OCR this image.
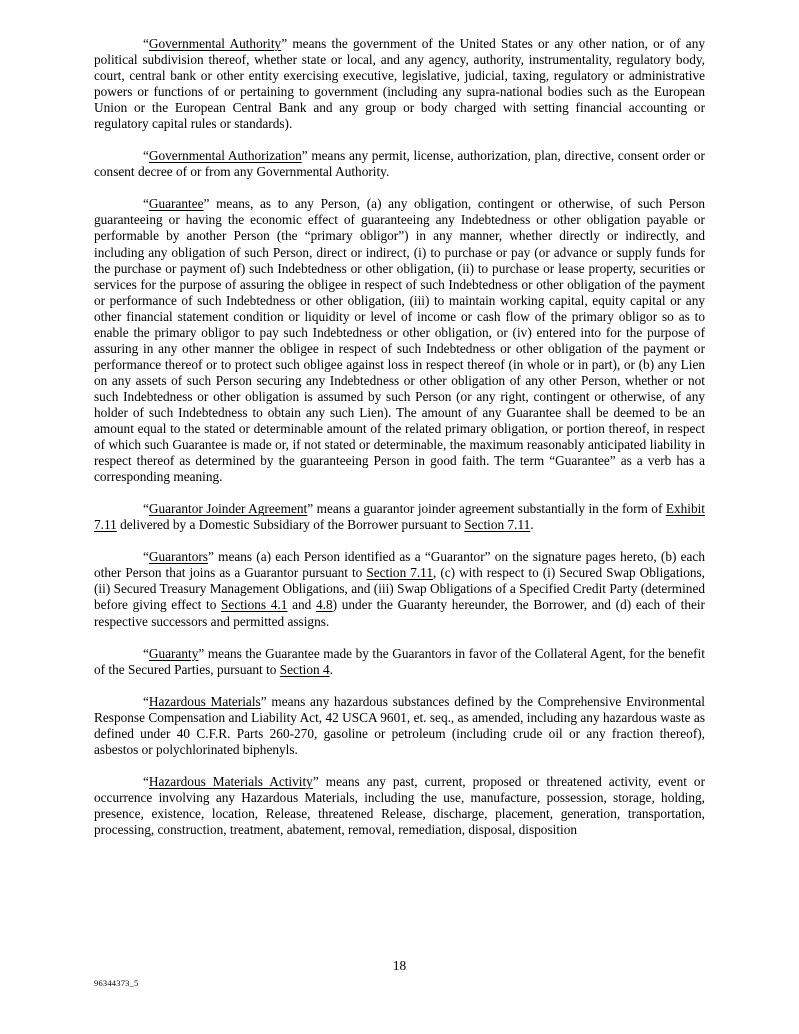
“Governmental Authority” means the government of the United States or any other nation, or of any political subdivision thereof, whether state or local, and any agency, authority, instrumentality, regulatory body, court, central bank or other entity exercising executive, legislative, judicial, taxing, regulatory or administrative powers or functions of or pertaining to government (including any supra-national bodies such as the European Union or the European Central Bank and any group or body charged with setting financial accounting or regulatory capital rules or standards).

“Governmental Authorization” means any permit, license, authorization, plan, directive, consent order or consent decree of or from any Governmental Authority.

“Guarantee” means, as to any Person, (a) any obligation, contingent or otherwise, of such Person guaranteeing or having the economic effect of guaranteeing any Indebtedness or other obligation payable or performable by another Person (the “primary obligor”) in any manner, whether directly or indirectly, and including any obligation of such Person, direct or indirect, (i) to purchase or pay (or advance or supply funds for the purchase or payment of) such Indebtedness or other obligation, (ii) to purchase or lease property, securities or services for the purpose of assuring the obligee in respect of such Indebtedness or other obligation of the payment or performance of such Indebtedness or other obligation, (iii) to maintain working capital, equity capital or any other financial statement condition or liquidity or level of income or cash flow of the primary obligor so as to enable the primary obligor to pay such Indebtedness or other obligation, or (iv) entered into for the purpose of assuring in any other manner the obligee in respect of such Indebtedness or other obligation of the payment or performance thereof or to protect such obligee against loss in respect thereof (in whole or in part), or (b) any Lien on any assets of such Person securing any Indebtedness or other obligation of any other Person, whether or not such Indebtedness or other obligation is assumed by such Person (or any right, contingent or otherwise, of any holder of such Indebtedness to obtain any such Lien). The amount of any Guarantee shall be deemed to be an amount equal to the stated or determinable amount of the related primary obligation, or portion thereof, in respect of which such Guarantee is made or, if not stated or determinable, the maximum reasonably anticipated liability in respect thereof as determined by the guaranteeing Person in good faith. The term “Guarantee” as a verb has a corresponding meaning.

“Guarantor Joinder Agreement” means a guarantor joinder agreement substantially in the form of Exhibit 7.11 delivered by a Domestic Subsidiary of the Borrower pursuant to Section 7.11.

“Guarantors” means (a) each Person identified as a “Guarantor” on the signature pages hereto, (b) each other Person that joins as a Guarantor pursuant to Section 7.11, (c) with respect to (i) Secured Swap Obligations, (ii) Secured Treasury Management Obligations, and (iii) Swap Obligations of a Specified Credit Party (determined before giving effect to Sections 4.1 and 4.8) under the Guaranty hereunder, the Borrower, and (d) each of their respective successors and permitted assigns.

“Guaranty” means the Guarantee made by the Guarantors in favor of the Collateral Agent, for the benefit of the Secured Parties, pursuant to Section 4.

“Hazardous Materials” means any hazardous substances defined by the Comprehensive Environmental Response Compensation and Liability Act, 42 USCA 9601, et. seq., as amended, including any hazardous waste as defined under 40 C.F.R. Parts 260-270, gasoline or petroleum (including crude oil or any fraction thereof), asbestos or polychlorinated biphenyls.

“Hazardous Materials Activity” means any past, current, proposed or threatened activity, event or occurrence involving any Hazardous Materials, including the use, manufacture, possession, storage, holding, presence, existence, location, Release, threatened Release, discharge, placement, generation, transportation, processing, construction, treatment, abatement, removal, remediation, disposal, disposition

18
96344373_5
